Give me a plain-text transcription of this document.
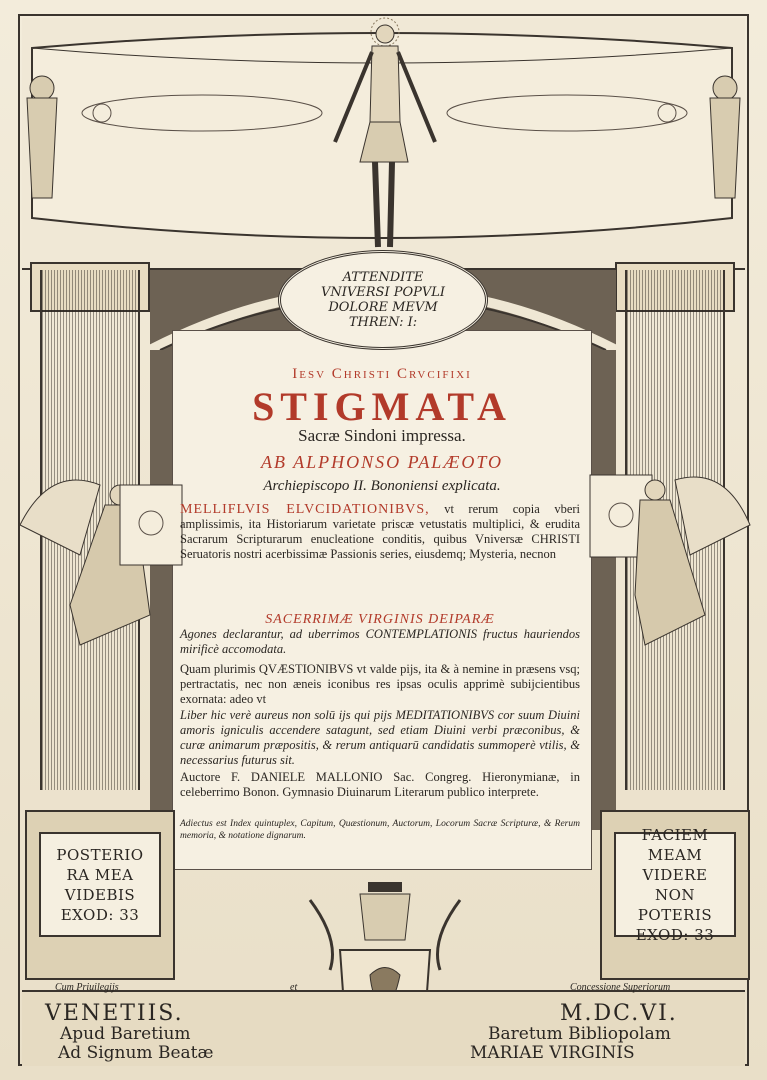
ATTENDITE
VNIVERSI POPVLI
DOLORE MEVM
THREN: I:
Iesv Christi Crvcifixi
STIGMATA
Sacræ Sindoni impressa.
AB ALPHONSO PALÆOTO
Archiepiscopo II. Bononiensi explicata.
MELLIFLVIS ELVCIDATIONIBVS, vt rerum copia vberi amplissimis, ita Historiarum varietate priscæ vetustatis multiplici, & erudita Sacrarum Scripturarum enucleatione conditis, quibus Vniversæ CHRISTI Seruatoris nostri acerbissimæ Passionis series, eiusdemq; Mysteria, necnon
SACERRIMÆ VIRGINIS DEIPARÆ
Agones declarantur, ad uberrimos CONTEMPLATIONIS fructus hauriendos mirificè accomodata.
Quam plurimis QVÆSTIONIBVS vt valde pijs, ita & à nemine in præsens vsq; pertractatis, nec non æneis iconibus res ipsas oculis apprimè subijcientibus exornata: adeo vt
Liber hic verè aureus non solū ijs qui pijs MEDITATIONIBVS cor suum Diuini amoris igniculis accendere satagunt, sed etiam Diuini verbi præconibus, & curæ animarum præpositis, & rerum antiquarū candidatis summoperè vtilis, & necessarius futurus sit.
Auctore F. DANIELE MALLONIO Sac. Congreg. Hieronymianæ, in celeberrimo Bonon. Gymnasio Diuinarum Literarum publico interprete.
Adiectus est Index quintuplex, Capitum, Quæstionum, Auctorum, Locorum Sacræ Scripturæ, & Rerum memoria, & notatione dignarum.
POSTERIO
RA MEA
VIDEBIS
EXOD: 33
FACIEM
MEAM
VIDERE
NON
POTERIS
EXOD: 33
Cum Priuilegijs	et	Concessione Superiorum
VENETIIS.
Apud Baretium
Ad Signum Beatæ
M.DC.VI.
Baretum Bibliopolam
MARIAE VIRGINIS
